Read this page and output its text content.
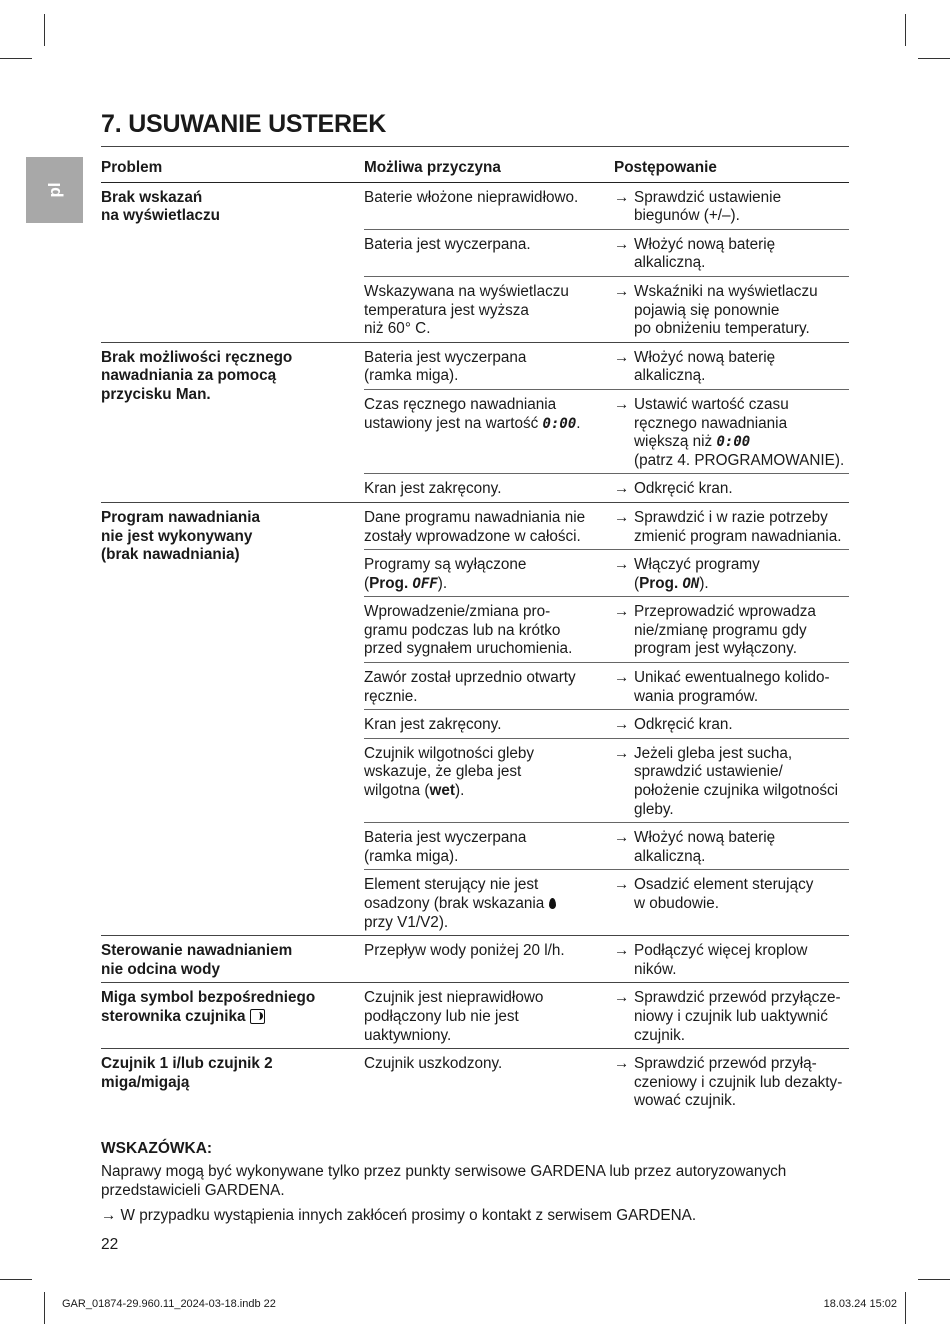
pl
7. USUWANIE USTEREK
Problem	Możliwa przyczyna	Postępowanie
Brak wskazań
na wyświetlaczu	Baterie włożone nieprawidłowo.	→ Sprawdzić ustawienie
biegunów (+/–).
	Bateria jest wyczerpana.	→ Włożyć nową baterię alkaliczną.
	Wskazywana na wyświetlaczu
temperatura jest wyższa
niż 60° C.	→ Wskaźniki na wyświetlaczu
pojawią się ponownie
po obniżeniu temperatury.
Brak możliwości ręcznego
nawadniania za pomocą
przycisku Man.	Bateria jest wyczerpana
(ramka miga).	→ Włożyć nową baterię alkaliczną.
	Czas ręcznego nawadniania
ustawiony jest na wartość 0:00.	→ Ustawić wartość czasu
ręcznego nawadniania
większą niż 0:00
(patrz 4. PROGRAMOWANIE).
	Kran jest zakręcony.	→ Odkręcić kran.
Program nawadniania
nie jest wykonywany
(brak nawadniania)	Dane programu nawadniania nie
zostały wprowadzone w całości.	→ Sprawdzić i w razie potrzeby
zmienić program nawadniania.
	Programy są wyłączone
(Prog. OFF).	→ Włączyć programy
(Prog. ON).
	Wprowadzenie/zmiana pro-
gramu podczas lub na krótko
przed sygnałem uruchomienia.	→ Przeprowadzić wprowadza
nie/zmianę programu gdy
program jest wyłączony.
	Zawór został uprzednio otwarty
ręcznie.	→ Unikać ewentualnego kolido-
wania programów.
	Kran jest zakręcony.	→ Odkręcić kran.
	Czujnik wilgotności gleby
wskazuje, że gleba jest
wilgotna (wet).	→ Jeżeli gleba jest sucha,
sprawdzić ustawienie/
położenie czujnika wilgotności
gleby.
	Bateria jest wyczerpana
(ramka miga).	→ Włożyć nową baterię alkaliczną.
	Element sterujący nie jest
osadzony (brak wskazania
przy V1/V2).	→ Osadzić element sterujący
w obudowie.
Sterowanie nawadnianiem
nie odcina wody	Przepływ wody poniżej 20 l/h.	→ Podłączyć więcej kroplow
ników.
Miga symbol bezpośredniego
sterownika czujnika	Czujnik jest nieprawidłowo
podłączony lub nie jest
uaktywniony.	→ Sprawdzić przewód przyłącze-
niowy i czujnik lub uaktywnić
czujnik.
Czujnik 1 i/lub czujnik 2
miga/migają	Czujnik uszkodzony.	→ Sprawdzić przewód przyłą-
czeniowy i czujnik lub dezakty-
wować czujnik.
WSKAZÓWKA:

Naprawy mogą być wykonywane tylko przez punkty serwisowe GARDENA lub przez autoryzowanych
przedstawicieli GARDENA.

→ W przypadku wystąpienia innych zakłóceń prosimy o kontakt z serwisem GARDENA.
22
GAR_01874-29.960.11_2024-03-18.indb 22	18.03.24 15:02
